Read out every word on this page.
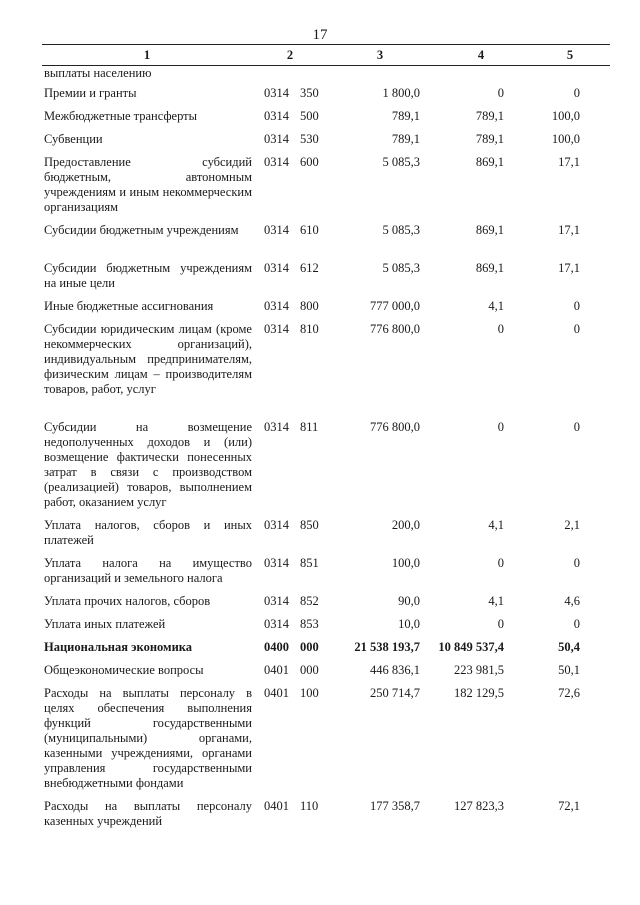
17
1	2	3	4	5
выплаты населению				
Премии и гранты	0314 350	1 800,0	0	0
Межбюджетные трансферты	0314 500	789,1	789,1	100,0
Субвенции	0314 530	789,1	789,1	100,0
Предоставление субсидий бюджетным, автономным учреждениям и иным некоммерческим организациям	0314 600	5 085,3	869,1	17,1
Субсидии бюджетным учреждениям	0314 610	5 085,3	869,1	17,1
Субсидии бюджетным учреждениям на иные цели	0314 612	5 085,3	869,1	17,1
Иные бюджетные ассигнования	0314 800	777 000,0	4,1	0
Субсидии юридическим лицам (кроме некоммерческих организаций), индивидуальным предпринимателям, физическим лицам – производителям товаров, работ, услуг	0314 810	776 800,0	0	0
Субсидии на возмещение недополученных доходов и (или) возмещение фактически понесенных затрат в связи с производством (реализацией) товаров, выполнением работ, оказанием услуг	0314 811	776 800,0	0	0
Уплата налогов, сборов и иных платежей	0314 850	200,0	4,1	2,1
Уплата налога на имущество организаций и земельного налога	0314 851	100,0	0	0
Уплата прочих налогов, сборов	0314 852	90,0	4,1	4,6
Уплата иных платежей	0314 853	10,0	0	0
Национальная экономика	0400 000	21 538 193,7	10 849 537,4	50,4
Общеэкономические вопросы	0401 000	446 836,1	223 981,5	50,1
Расходы на выплаты персоналу в целях обеспечения выполнения функций государственными (муниципальными) органами, казенными учреждениями, органами управления государственными внебюджетными фондами	0401 100	250 714,7	182 129,5	72,6
Расходы на выплаты персоналу казенных учреждений	0401 110	177 358,7	127 823,3	72,1
